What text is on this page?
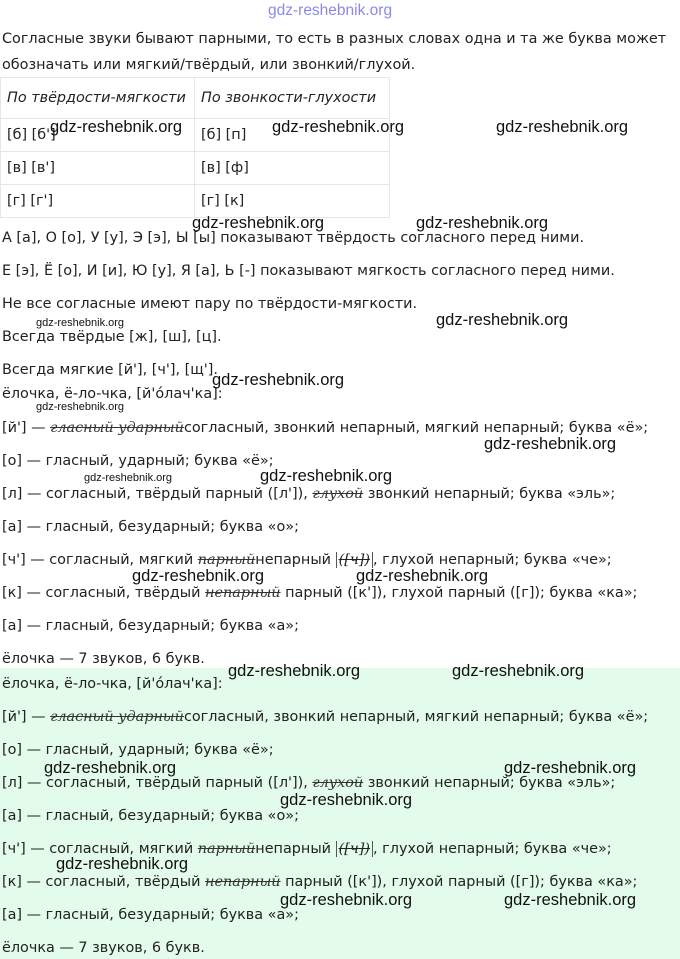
gdz-reshebnik.org
Согласные звуки бывают парными, то есть в разных словах одна и та же буква может
обозначать или мягкий/твёрдый, или звонкий/глухой.
По твёрдости-мягкости	По звонкости-глухости
[б] [б']	[б] [п]
[в] [в']	[в] [ф]
[г] [г']	[г] [к]
А [а], О [о], У [у], Э [э], Ы [ы] показывают твёрдость согласного перед ними.
Е [э], Ё [о], И [и], Ю [у], Я [а], Ь [-] показывают мягкость согласного перед ними.
Не все согласные имеют пару по твёрдости-мягкости.
Всегда твёрдые [ж], [ш], [ц].
Всегда мягкие [й'], [ч'], [щ'].
ёлочка, ё-ло-чка, [й'óлач'ка]:
[й'] — гласный ударныйсогласный, звонкий непарный, мягкий непарный; буква «ё»;
[о] — гласный, ударный; буква «ё»;
[л] — согласный, твёрдый парный ([л']), глухой звонкий непарный; буква «эль»;
[а] — гласный, безударный; буква «о»;
[ч'] — согласный, мягкий парныйнепарный ([ч]) , глухой непарный; буква «че»;
[к] — согласный, твёрдый непарный парный ([к']), глухой парный ([г]); буква «ка»;
[а] — гласный, безударный; буква «а»;
ёлочка — 7 звуков, 6 букв.
ёлочка, ё-ло-чка, [й'óлач'ка]:
[й'] — гласный ударныйсогласный, звонкий непарный, мягкий непарный; буква «ё»;
[о] — гласный, ударный; буква «ё»;
[л] — согласный, твёрдый парный ([л']), глухой звонкий непарный; буква «эль»;
[а] — гласный, безударный; буква «о»;
[ч'] — согласный, мягкий парныйнепарный ([ч]) , глухой непарный; буква «че»;
[к] — согласный, твёрдый непарный парный ([к']), глухой парный ([г]); буква «ка»;
[а] — гласный, безударный; буква «а»;
ёлочка — 7 звуков, 6 букв.
gdz-reshebnik.org	gdz-reshebnik.org	gdz-reshebnik.org
gdz-reshebnik.org	gdz-reshebnik.org
gdz-reshebnik.org	gdz-reshebnik.org
gdz-reshebnik.org
gdz-reshebnik.org
gdz-reshebnik.org
gdz-reshebnik.org	gdz-reshebnik.org
gdz-reshebnik.org	gdz-reshebnik.org
gdz-reshebnik.org	gdz-reshebnik.org
gdz-reshebnik.org	gdz-reshebnik.org
gdz-reshebnik.org
gdz-reshebnik.org
gdz-reshebnik.org	gdz-reshebnik.org
